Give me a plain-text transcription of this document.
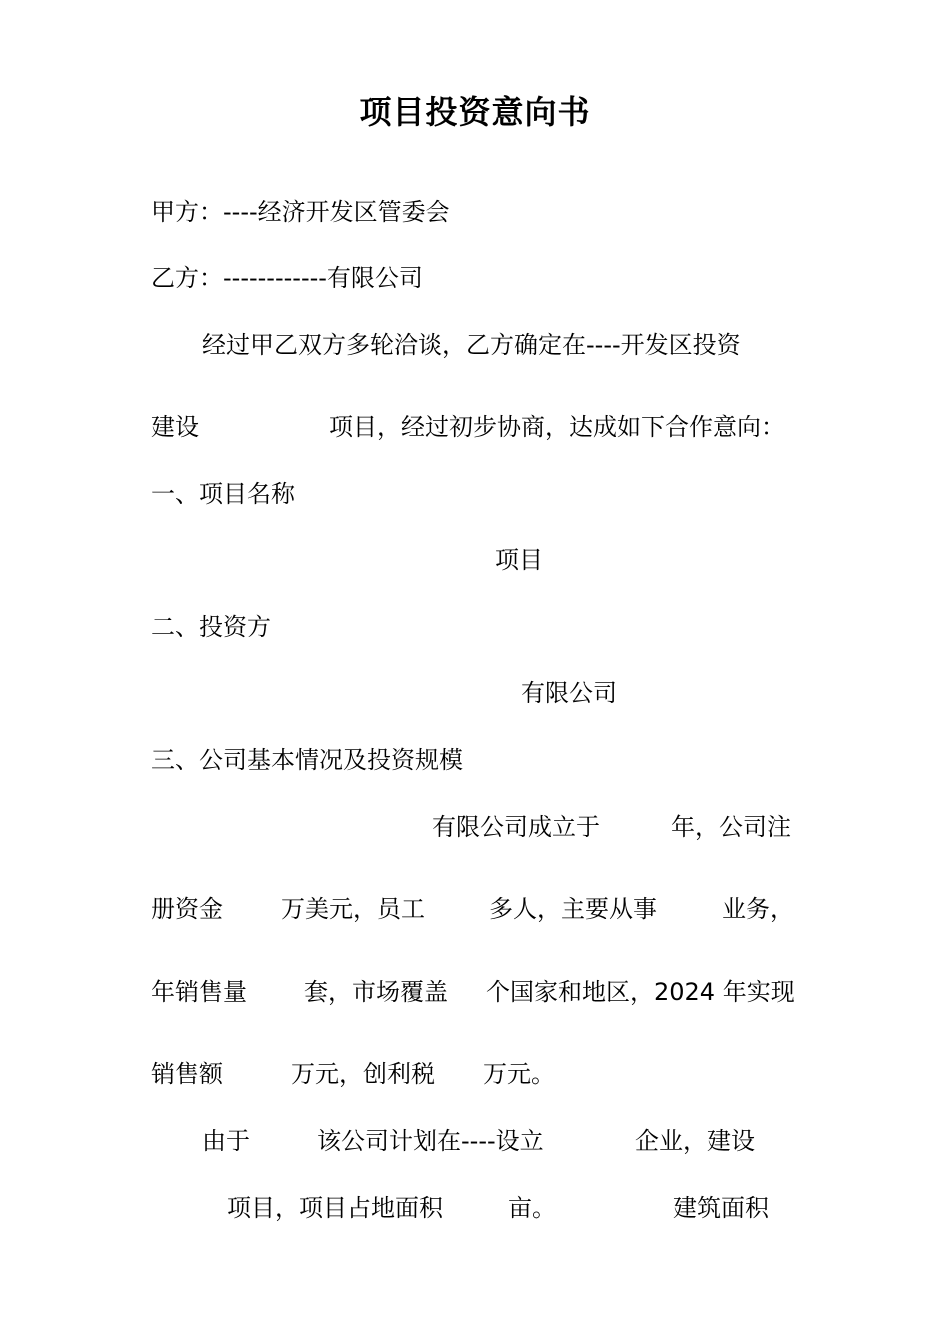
项目投资意向书
甲方：----经济开发区管委会
乙方：------------有限公司
经过甲乙双方多轮洽谈，乙方确定在----开发区投资
建设	项目，经过初步协商，达成如下合作意向：
一、项目名称
项目
二、投资方
有限公司
三、公司基本情况及投资规模
有限公司成立于	年，公司注
册资金 万美元，员工	多人，主要从事	业务，
年销售量 套，市场覆盖 个国家和地区，2024 年实现
销售额	万元，创利税 万元。
由于	该公司计划在----设立	企业，建设
项目，项目占地面积	亩。	建筑面积
